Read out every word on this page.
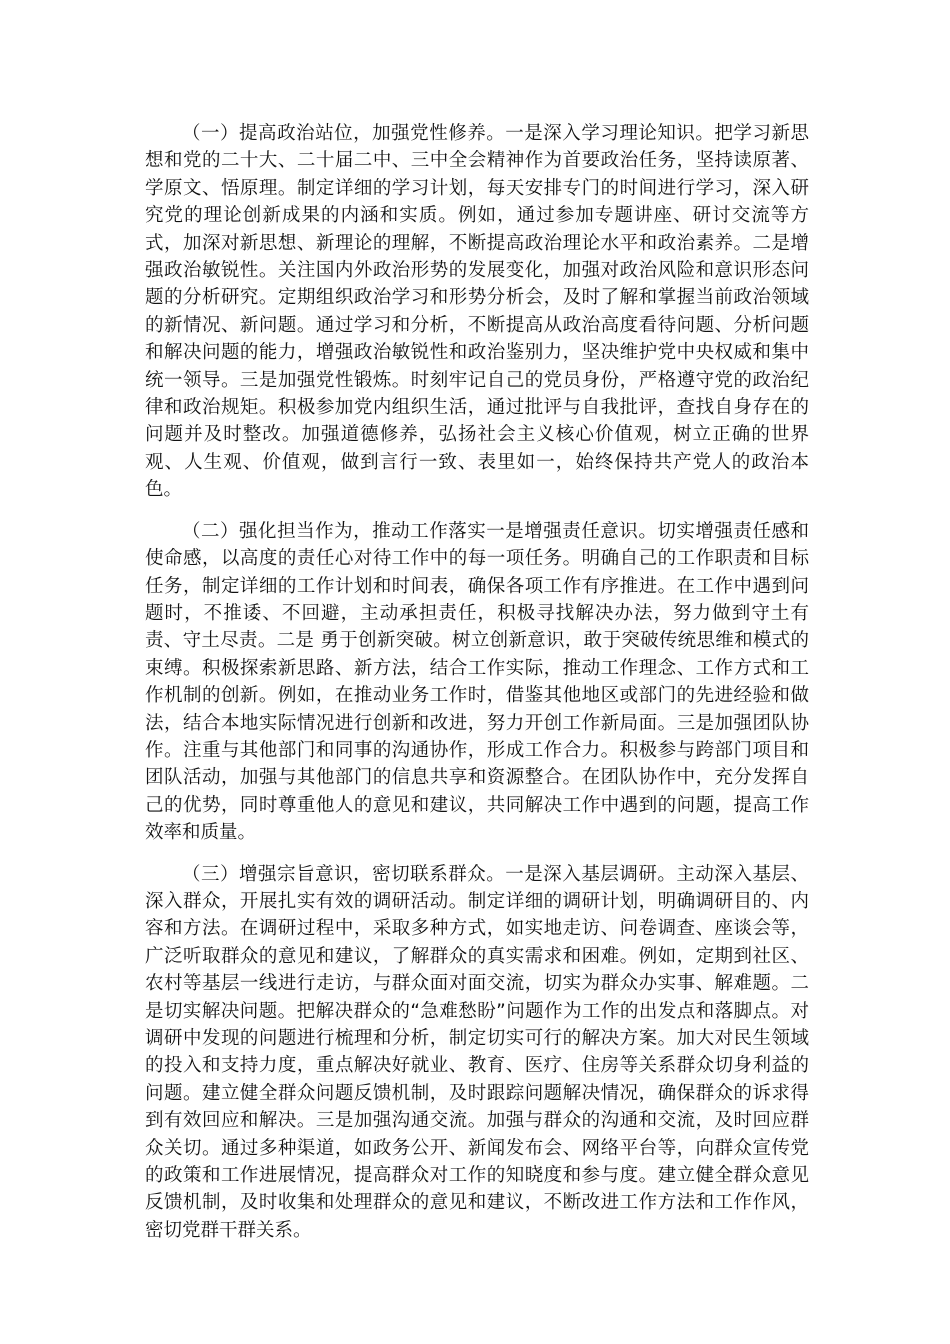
（一）提高政治站位，加强党性修养。一是深入学习理论知识。把学习新思想和党的二十大、二十届二中、三中全会精神作为首要政治任务，坚持读原著、学原文、悟原理。制定详细的学习计划，每天安排专门的时间进行学习，深入研究党的理论创新成果的内涵和实质。例如，通过参加专题讲座、研讨交流等方式，加深对新思想、新理论的理解，不断提高政治理论水平和政治素养。二是增强政治敏锐性。关注国内外政治形势的发展变化，加强对政治风险和意识形态问题的分析研究。定期组织政治学习和形势分析会，及时了解和掌握当前政治领域的新情况、新问题。通过学习和分析，不断提高从政治高度看待问题、分析问题和解决问题的能力，增强政治敏锐性和政治鉴别力，坚决维护党中央权威和集中统一领导。三是加强党性锻炼。时刻牢记自己的党员身份，严格遵守党的政治纪律和政治规矩。积极参加党内组织生活，通过批评与自我批评，查找自身存在的问题并及时整改。加强道德修养，弘扬社会主义核心价值观，树立正确的世界观、人生观、价值观，做到言行一致、表里如一，始终保持共产党人的政治本色。

（二）强化担当作为，推动工作落实一是增强责任意识。切实增强责任感和使命感，以高度的责任心对待工作中的每一项任务。明确自己的工作职责和目标任务，制定详细的工作计划和时间表，确保各项工作有序推进。在工作中遇到问题时，不推诿、不回避，主动承担责任，积极寻找解决办法，努力做到守土有责、守土尽责。二是 勇于创新突破。树立创新意识，敢于突破传统思维和模式的束缚。积极探索新思路、新方法，结合工作实际，推动工作理念、工作方式和工作机制的创新。例如，在推动业务工作时，借鉴其他地区或部门的先进经验和做法，结合本地实际情况进行创新和改进，努力开创工作新局面。三是加强团队协作。注重与其他部门和同事的沟通协作，形成工作合力。积极参与跨部门项目和团队活动，加强与其他部门的信息共享和资源整合。在团队协作中，充分发挥自己的优势，同时尊重他人的意见和建议，共同解决工作中遇到的问题，提高工作效率和质量。

（三）增强宗旨意识，密切联系群众。一是深入基层调研。主动深入基层、深入群众，开展扎实有效的调研活动。制定详细的调研计划，明确调研目的、内容和方法。在调研过程中，采取多种方式，如实地走访、问卷调查、座谈会等，广泛听取群众的意见和建议，了解群众的真实需求和困难。例如，定期到社区、农村等基层一线进行走访，与群众面对面交流，切实为群众办实事、解难题。二是切实解决问题。把解决群众的“急难愁盼”问题作为工作的出发点和落脚点。对调研中发现的问题进行梳理和分析，制定切实可行的解决方案。加大对民生领域的投入和支持力度，重点解决好就业、教育、医疗、住房等关系群众切身利益的问题。建立健全群众问题反馈机制，及时跟踪问题解决情况，确保群众的诉求得到有效回应和解决。三是加强沟通交流。加强与群众的沟通和交流，及时回应群众关切。通过多种渠道，如政务公开、新闻发布会、网络平台等，向群众宣传党的政策和工作进展情况，提高群众对工作的知晓度和参与度。建立健全群众意见反馈机制，及时收集和处理群众的意见和建议，不断改进工作方法和工作作风，密切党群干群关系。
